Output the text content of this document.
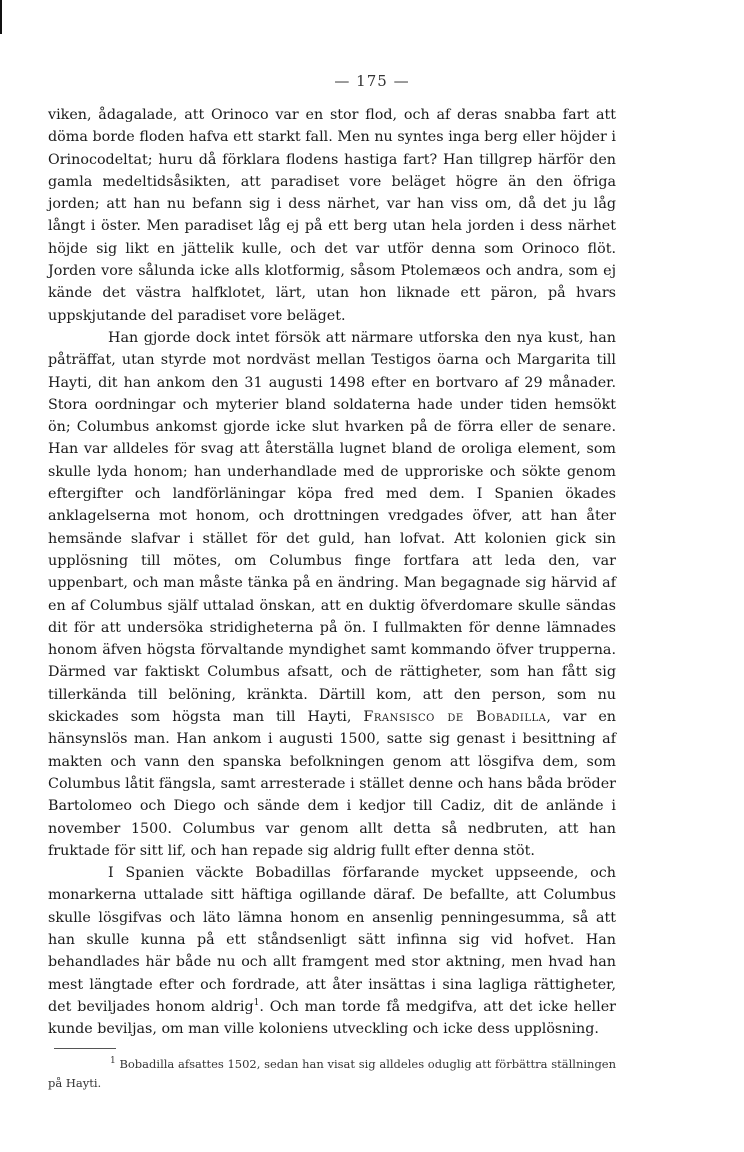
— 175 —

viken, ådagalade, att Orinoco var en stor flod, och af deras snabba fart att döma borde floden hafva ett starkt fall. Men nu syntes inga berg eller höjder i Orinocodeltat; huru då förklara flodens hastiga fart? Han tillgrep härför den gamla medeltidsåsikten, att paradiset vore beläget högre än den öfriga jorden; att han nu befann sig i dess närhet, var han viss om, då det ju låg långt i öster. Men paradiset låg ej på ett berg utan hela jorden i dess närhet höjde sig likt en jättelik kulle, och det var utför denna som Orinoco flöt. Jorden vore sålunda icke alls klotformig, såsom Ptolemæos och andra, som ej kände det västra halfklotet, lärt, utan hon liknade ett päron, på hvars uppskjutande del paradiset vore beläget.

Han gjorde dock intet försök att närmare utforska den nya kust, han påträffat, utan styrde mot nordväst mellan Testigos öarna och Margarita till Hayti, dit han ankom den 31 augusti 1498 efter en bortvaro af 29 månader. Stora oordningar och myterier bland soldaterna hade under tiden hemsökt ön; Columbus ankomst gjorde icke slut hvarken på de förra eller de senare. Han var alldeles för svag att återställa lugnet bland de oroliga element, som skulle lyda honom; han underhandlade med de upproriske och sökte genom eftergifter och landförläningar köpa fred med dem. I Spanien ökades anklagelserna mot honom, och drottningen vredgades öfver, att han åter hemsände slafvar i stället för det guld, han lofvat. Att kolonien gick sin upplösning till mötes, om Columbus finge fortfara att leda den, var uppenbart, och man måste tänka på en ändring. Man begagnade sig härvid af en af Columbus själf uttalad önskan, att en duktig öfverdomare skulle sändas dit för att undersöka stridigheterna på ön. I fullmakten för denne lämnades honom äfven högsta förvaltande myndighet samt kommando öfver trupperna. Därmed var faktiskt Columbus afsatt, och de rättigheter, som han fått sig tillerkända till belöning, kränkta. Därtill kom, att den person, som nu skickades som högsta man till Hayti, Fransisco de Bobadilla, var en hänsynslös man. Han ankom i augusti 1500, satte sig genast i besittning af makten och vann den spanska befolkningen genom att lösgifva dem, som Columbus låtit fängsla, samt arresterade i stället denne och hans båda bröder Bartolomeo och Diego och sände dem i kedjor till Cadiz, dit de anlände i november 1500. Columbus var genom allt detta så nedbruten, att han fruktade för sitt lif, och han repade sig aldrig fullt efter denna stöt.

I Spanien väckte Bobadillas förfarande mycket uppseende, och monarkerna uttalade sitt häftiga ogillande däraf. De befallte, att Columbus skulle lösgifvas och läto lämna honom en ansenlig penningesumma, så att han skulle kunna på ett ståndsenligt sätt infinna sig vid hofvet. Han behandlades här både nu och allt framgent med stor aktning, men hvad han mest längtade efter och fordrade, att åter insättas i sina lagliga rättigheter, det beviljades honom aldrig$^1$. Och man torde få medgifva, att det icke heller kunde beviljas, om man ville koloniens utveckling och icke dess upplösning.

$^1$ Bobadilla afsattes 1502, sedan han visat sig alldeles oduglig att förbättra ställningen på Hayti.
